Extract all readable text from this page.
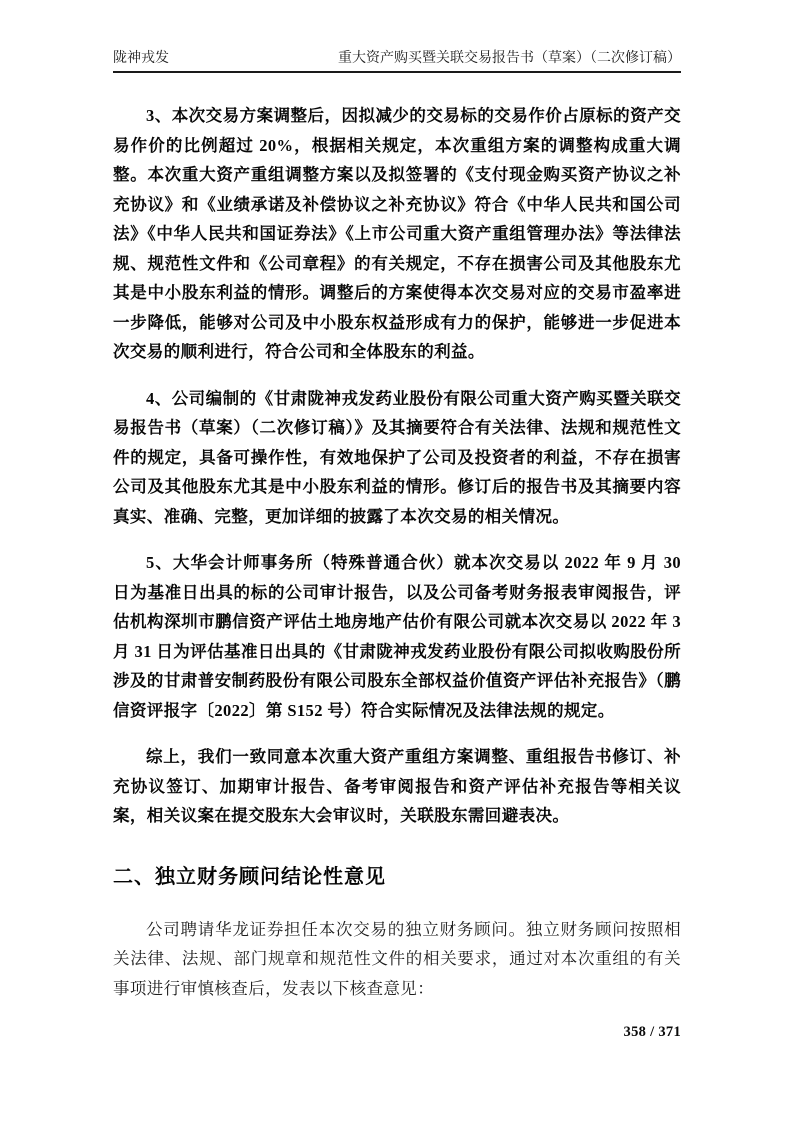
陇神戎发	重大资产购买暨关联交易报告书（草案）（二次修订稿）

3、本次交易方案调整后，因拟减少的交易标的交易作价占原标的资产交易作价的比例超过 20%，根据相关规定，本次重组方案的调整构成重大调整。本次重大资产重组调整方案以及拟签署的《支付现金购买资产协议之补充协议》和《业绩承诺及补偿协议之补充协议》符合《中华人民共和国公司法》《中华人民共和国证券法》《上市公司重大资产重组管理办法》等法律法规、规范性文件和《公司章程》的有关规定，不存在损害公司及其他股东尤其是中小股东利益的情形。调整后的方案使得本次交易对应的交易市盈率进一步降低，能够对公司及中小股东权益形成有力的保护，能够进一步促进本次交易的顺利进行，符合公司和全体股东的利益。

4、公司编制的《甘肃陇神戎发药业股份有限公司重大资产购买暨关联交易报告书（草案）（二次修订稿）》及其摘要符合有关法律、法规和规范性文件的规定，具备可操作性，有效地保护了公司及投资者的利益，不存在损害公司及其他股东尤其是中小股东利益的情形。修订后的报告书及其摘要内容真实、准确、完整，更加详细的披露了本次交易的相关情况。

5、大华会计师事务所（特殊普通合伙）就本次交易以 2022 年 9 月 30 日为基准日出具的标的公司审计报告，以及公司备考财务报表审阅报告，评估机构深圳市鹏信资产评估土地房地产估价有限公司就本次交易以 2022 年 3 月 31 日为评估基准日出具的《甘肃陇神戎发药业股份有限公司拟收购股份所涉及的甘肃普安制药股份有限公司股东全部权益价值资产评估补充报告》（鹏信资评报字〔2022〕第 S152 号）符合实际情况及法律法规的规定。

综上，我们一致同意本次重大资产重组方案调整、重组报告书修订、补充协议签订、加期审计报告、备考审阅报告和资产评估补充报告等相关议案，相关议案在提交股东大会审议时，关联股东需回避表决。

二、独立财务顾问结论性意见

公司聘请华龙证券担任本次交易的独立财务顾问。独立财务顾问按照相关法律、法规、部门规章和规范性文件的相关要求，通过对本次重组的有关事项进行审慎核查后，发表以下核查意见：

358 / 371
